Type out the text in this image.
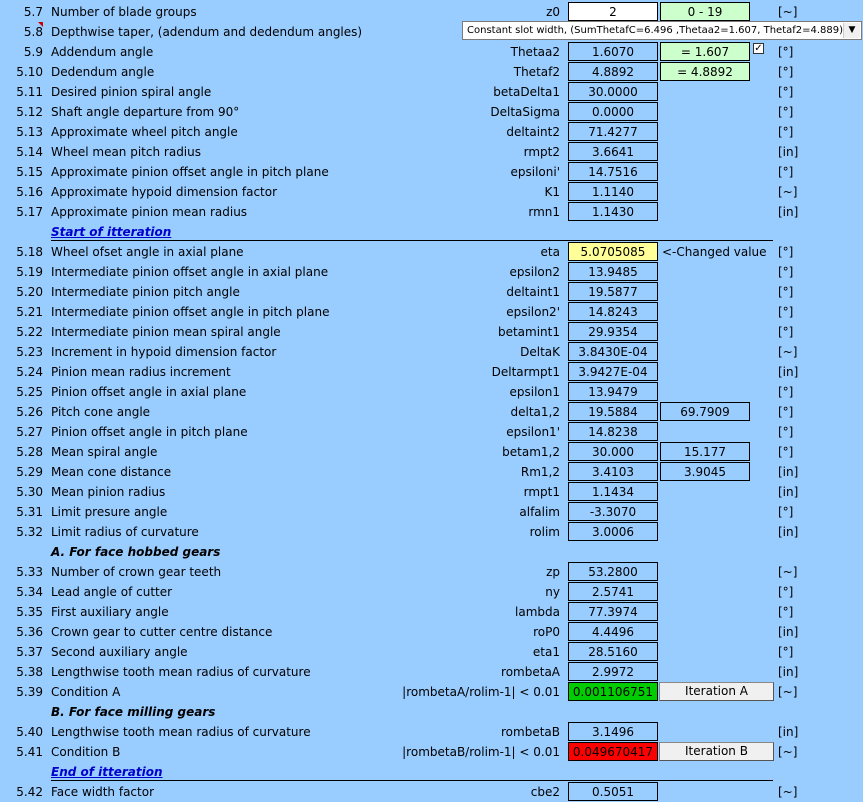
5.7 Number of blade groups	z0	2	0 - 19	[~]
5.8 Depthwise taper, (adendum and dedendum angles)	Constant slot width, (SumThetafC=6.496 ,Thetaa2=1.607, Thetaf2=4.889) ▼
5.9 Addendum angle	Thetaa2	1.6070	= 1.607	[°]
✓
5.10 Dedendum angle	Thetaf2	4.8892	= 4.8892	[°]
5.11 Desired pinion spiral angle	betaDelta1	30.0000	[°]
5.12 Shaft angle departure from 90°	DeltaSigma	0.0000	[°]
5.13 Approximate wheel pitch angle	deltaint2	71.4277	[°]
5.14 Wheel mean pitch radius	rmpt2	3.6641	[in]
5.15 Approximate pinion offset angle in pitch plane	epsiloni'	14.7516	[°]
5.16 Approximate hypoid dimension factor	K1	1.1140	[~]
5.17 Approximate pinion mean radius	rmn1	1.1430	[in]
Start of itteration
5.18 Wheel ofset angle in axial plane	eta	5.0705085	<-Changed value [°]
5.19 Intermediate pinion offset angle in axial plane	epsilon2	13.9485	[°]
5.20 Intermediate pinion pitch angle	deltaint1	19.5877	[°]
5.21 Intermediate pinion offset angle in pitch plane	epsilon2'	14.8243	[°]
5.22 Intermediate pinion mean spiral angle	betamint1	29.9354	[°]
5.23 Increment in hypoid dimension factor	DeltaK	3.8430E-04	[~]
5.24 Pinion mean radius increment	Deltarmpt1	3.9427E-04	[in]
5.25 Pinion offset angle in axial plane	epsilon1	13.9479	[°]
5.26 Pitch cone angle	delta1,2	19.5884	69.7909	[°]
5.27 Pinion offset angle in pitch plane	epsilon1'	14.8238	[°]
5.28 Mean spiral angle	betam1,2	30.000	15.177	[°]
5.29 Mean cone distance	Rm1,2	3.4103	3.9045	[in]
5.30 Mean pinion radius	rmpt1	1.1434	[in]
5.31 Limit presure angle	alfalim	-3.3070	[°]
5.32 Limit radius of curvature	rolim	3.0006	[in]
A. For face hobbed gears
5.33 Number of crown gear teeth	zp	53.2800	[~]
5.34 Lead angle of cutter	ny	2.5741	[°]
5.35 First auxiliary angle	lambda	77.3974	[°]
5.36 Crown gear to cutter centre distance	roP0	4.4496	[in]
5.37 Second auxiliary angle	eta1	28.5160	[°]
5.38 Lengthwise tooth mean radius of curvature	rombetaA	2.9972	[in]
5.39 Condition A	|rombetaA/rolim-1| < 0.01	0.001106751	Iteration A	[~]
B. For face milling gears
5.40 Lengthwise tooth mean radius of curvature	rombetaB	3.1496	[in]
5.41 Condition B	|rombetaB/rolim-1| < 0.01	0.049670417	Iteration B	[~]
End of itteration
5.42 Face width factor	cbe2	0.5051	[~]
